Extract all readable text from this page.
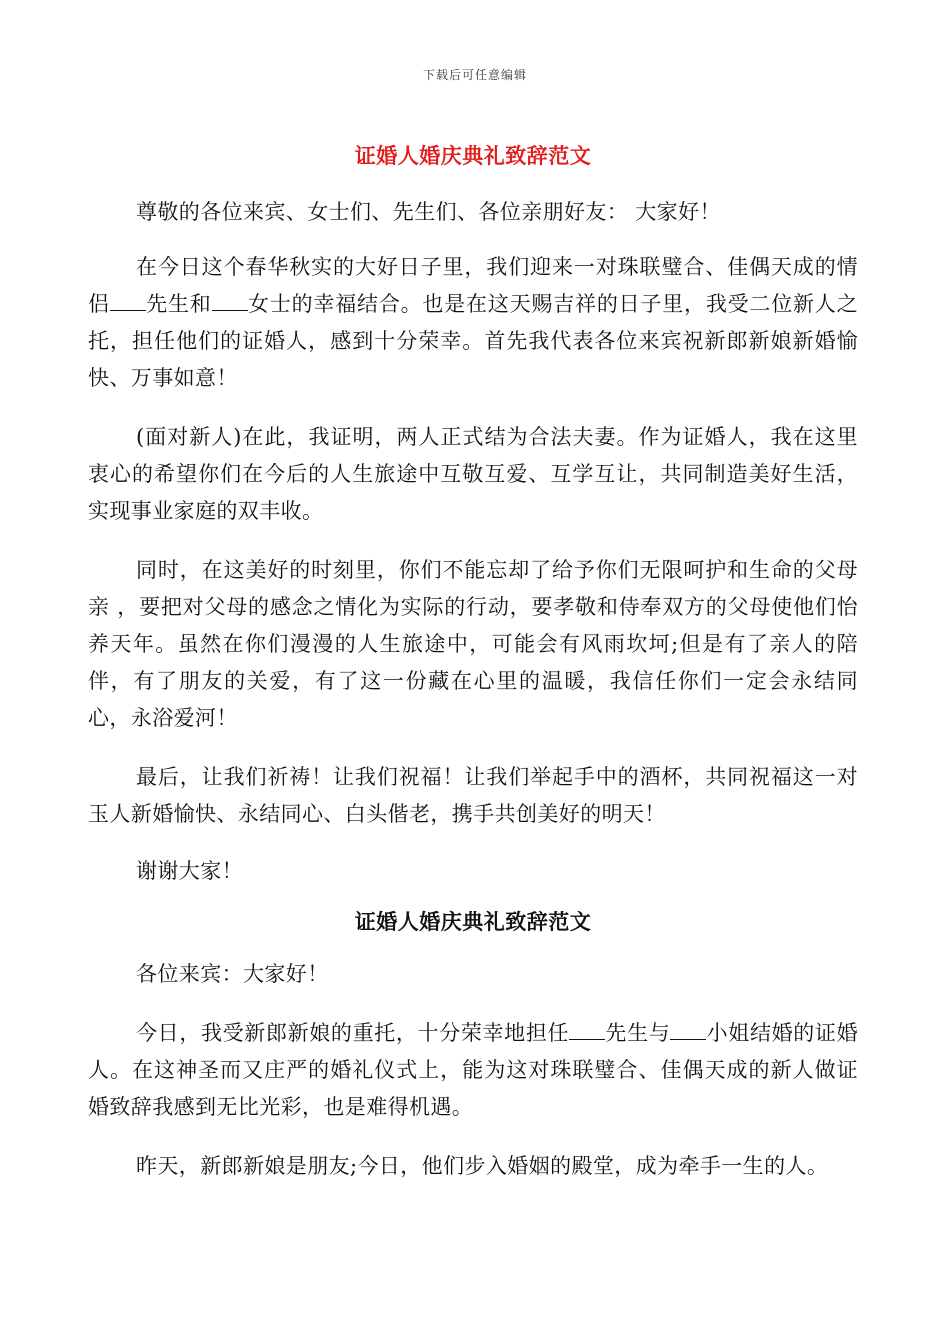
下载后可任意编辑
证婚人婚庆典礼致辞范文

尊敬的各位来宾、女士们、先生们、各位亲朋好友： 大家好！

在今日这个春华秋实的大好日子里，我们迎来一对珠联璧合、佳偶天成的情侣 先生和 女士的幸福结合。也是在这天赐吉祥的日子里，我受二位新人之托，担任他们的证婚人，感到十分荣幸。首先我代表各位来宾祝新郎新娘新婚愉快、万事如意！

(面对新人)在此，我证明，两人正式结为合法夫妻。作为证婚人，我在这里衷心的希望你们在今后的人生旅途中互敬互爱、互学互让，共同制造美好生活，实现事业家庭的双丰收。

同时，在这美好的时刻里，你们不能忘却了给予你们无限呵护和生命的父母亲 ，要把对父母的感念之情化为实际的行动，要孝敬和侍奉双方的父母使他们怡养天年。虽然在你们漫漫的人生旅途中，可能会有风雨坎坷;但是有了亲人的陪伴，有了朋友的关爱，有了这一份藏在心里的温暖，我信任你们一定会永结同心，永浴爱河！

最后，让我们祈祷！让我们祝福！让我们举起手中的酒杯，共同祝福这一对玉人新婚愉快、永结同心、白头偕老，携手共创美好的明天！

谢谢大家！

证婚人婚庆典礼致辞范文

各位来宾：大家好！

今日，我受新郎新娘的重托，十分荣幸地担任 先生与 小姐结婚的证婚人。在这神圣而又庄严的婚礼仪式上，能为这对珠联璧合、佳偶天成的新人做证婚致辞我感到无比光彩，也是难得机遇。

昨天，新郎新娘是朋友;今日，他们步入婚姻的殿堂，成为牵手一生的人。
